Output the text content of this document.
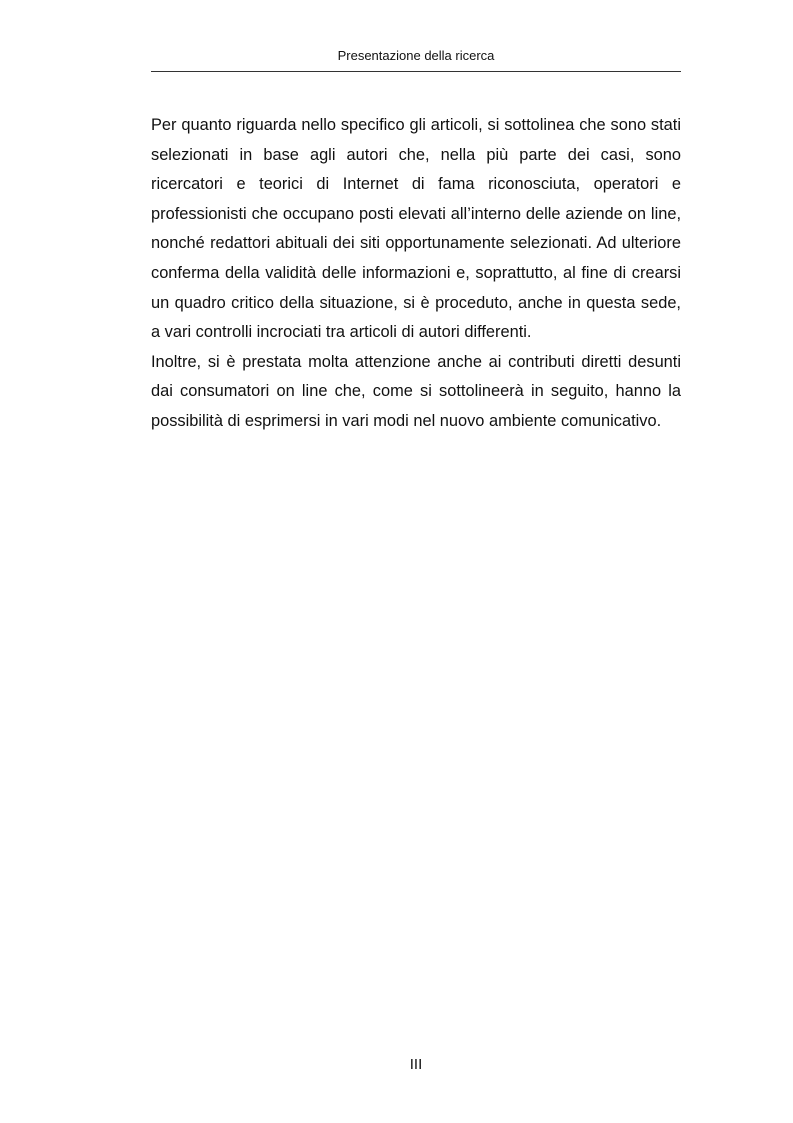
Presentazione della ricerca

Per quanto riguarda nello specifico gli articoli, si sottolinea che sono stati selezionati in base agli autori che, nella più parte dei casi, sono ricercatori e teorici di Internet di fama riconosciuta, operatori e professionisti che occupano posti elevati all’interno delle aziende on line, nonché redattori abituali dei siti opportunamente selezionati. Ad ulteriore conferma della validità delle informazioni e, soprattutto, al fine di crearsi un quadro critico della situazione, si è proceduto, anche in questa sede, a vari controlli incrociati tra articoli di autori differenti.

Inoltre, si è prestata molta attenzione anche ai contributi diretti desunti dai consumatori on line che, come si sottolineerà in seguito, hanno la possibilità di esprimersi in vari modi nel nuovo ambiente comunicativo.

III
